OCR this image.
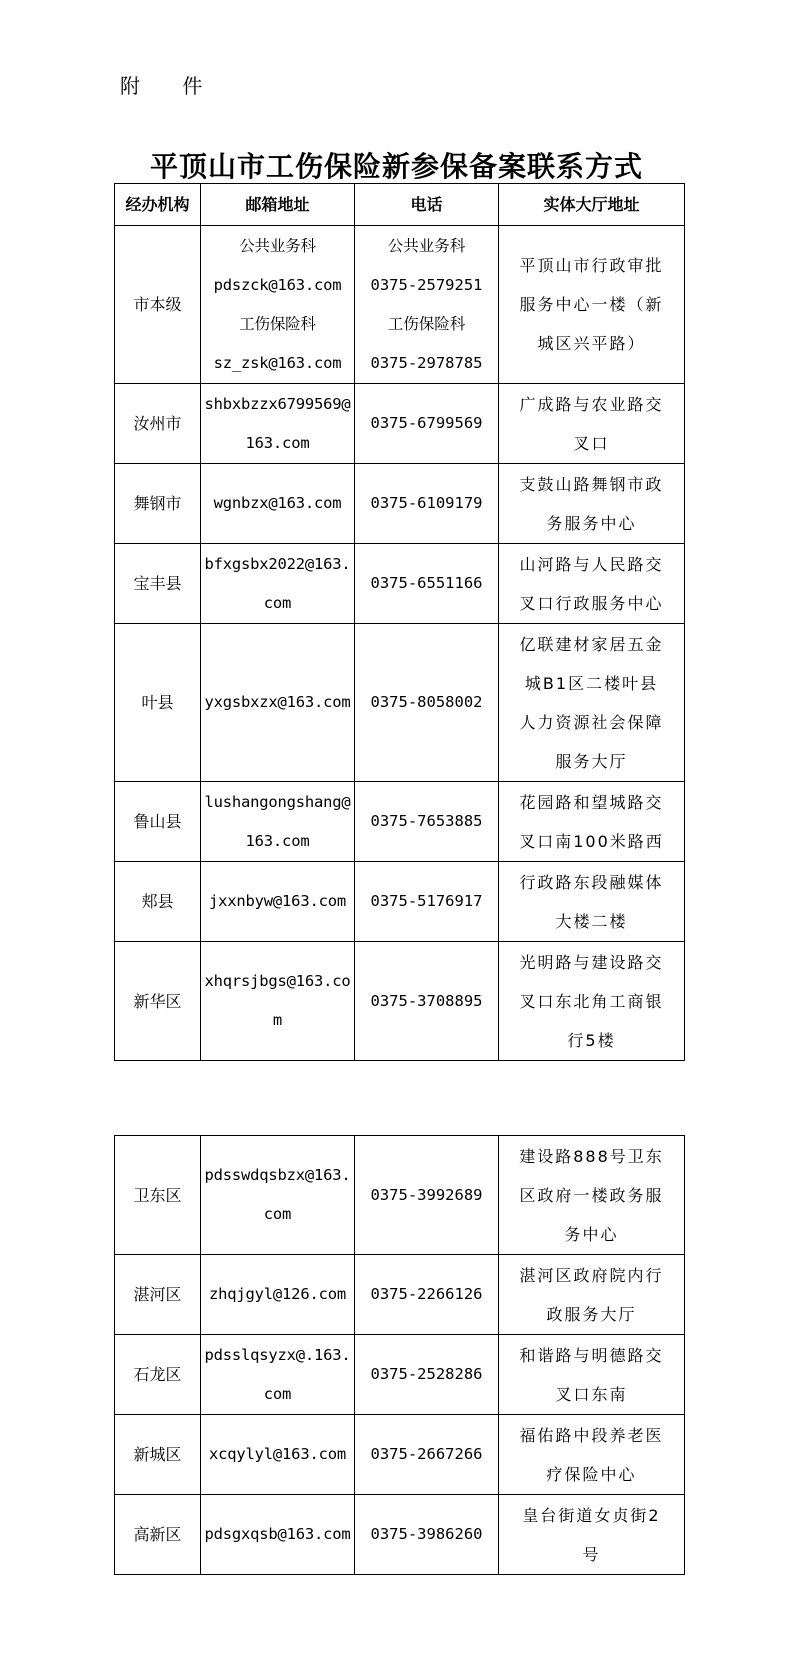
附 件
平顶山市工伤保险新参保备案联系方式
经办机构	邮箱地址	电话	实体大厅地址
市本级	公共业务科
pdszck@163.com
工伤保险科
sz_zsk@163.com	公共业务科
0375-2579251
工伤保险科
0375-2978785	平顶山市行政审批
服务中心一楼（新
城区兴平路）

汝州市	shbxbzzx6799569@
163.com	0375-6799569	广成路与农业路交
叉口

舞钢市	wgnbzx@163.com	0375-6109179	支鼓山路舞钢市政
务服务中心

宝丰县	bfxgsbx2022@163.
com	0375-6551166	山河路与人民路交
叉口行政服务中心

叶县	yxgsbxzx@163.com	0375-8058002	亿联建材家居五金
城B1区二楼叶县
人力资源社会保障
服务大厅

鲁山县	lushangongshang@
163.com	0375-7653885	花园路和望城路交
叉口南100米路西

郏县	jxxnbyw@163.com	0375-5176917	行政路东段融媒体
大楼二楼

新华区	xhqrsjbgs@163.co
m	0375-3708895	光明路与建设路交
叉口东北角工商银
行5楼
卫东区	pdsswdqsbzx@163.
com	0375-3992689	建设路888号卫东
区政府一楼政务服
务中心

湛河区	zhqjgyl@126.com	0375-2266126	湛河区政府院内行
政服务大厅

石龙区	pdsslqsyzx@.163.
com	0375-2528286	和谐路与明德路交
叉口东南

新城区	xcqylyl@163.com	0375-2667266	福佑路中段养老医
疗保险中心

高新区	pdsgxqsb@163.com	0375-3986260	皇台街道女贞街2
号
